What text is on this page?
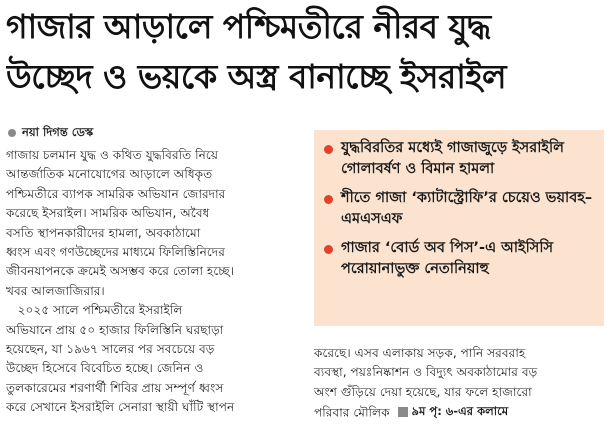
গাজার আড়ালে পশ্চিমতীরে নীরব যুদ্ধ
উচ্ছেদ ও ভয়কে অস্ত্র বানাচ্ছে ইসরাইল
নয়া দিগন্ত ডেস্ক
গাজায় চলমান যুদ্ধ ও কথিত যুদ্ধবিরতি নিয়ে
আন্তর্জাতিক মনোযোগের আড়ালে অধিকৃত
পশ্চিমতীরে ব্যাপক সামরিক অভিযান জোরদার
করেছে ইসরাইল। সামরিক অভিযান, অবৈধ
বসতি স্থাপনকারীদের হামলা, অবকাঠামো
ধ্বংস এবং গণউচ্ছেদের মাধ্যমে ফিলিস্তিনিদের
জীবনযাপনকে ক্রমেই অসম্ভব করে তোলা হচ্ছে।
খবর আলজাজিরার।
২০২৫ সালে পশ্চিমতীরে ইসরাইলি
অভিযানে প্রায় ৫০ হাজার ফিলিস্তিনি ঘরছাড়া
হয়েছেন, যা ১৯৬৭ সালের পর সবচেয়ে বড়
উচ্ছেদ হিসেবে বিবেচিত হচ্ছে। জেনিন ও
তুলকারেমের শরণার্থী শিবির প্রায় সম্পূর্ণ ধ্বংস
করে সেখানে ইসরাইলি সেনারা স্থায়ী ঘাঁটি স্থাপন
যুদ্ধবিরতির মধ্যেই গাজাজুড়ে ইসরাইলি গোলাবর্ষণ ও বিমান হামলা
শীতে গাজা ‘ক্যাটাস্ট্রোফি’র চেয়েও ভয়াবহ– এমএসএফ
গাজার ‘বোর্ড অব পিস’-এ আইসিসি পরোয়ানাভুক্ত নেতানিয়াহু
করেছে। এসব এলাকায় সড়ক, পানি সরবরাহ
ব্যবস্থা, পয়ঃনিষ্কাশন ও বিদ্যুৎ অবকাঠামোর বড়
অংশ গুঁড়িয়ে দেয়া হয়েছে, যার ফলে হাজারো
পরিবার মৌলিক ৯ম পৃ: ৬-এর কলামে
